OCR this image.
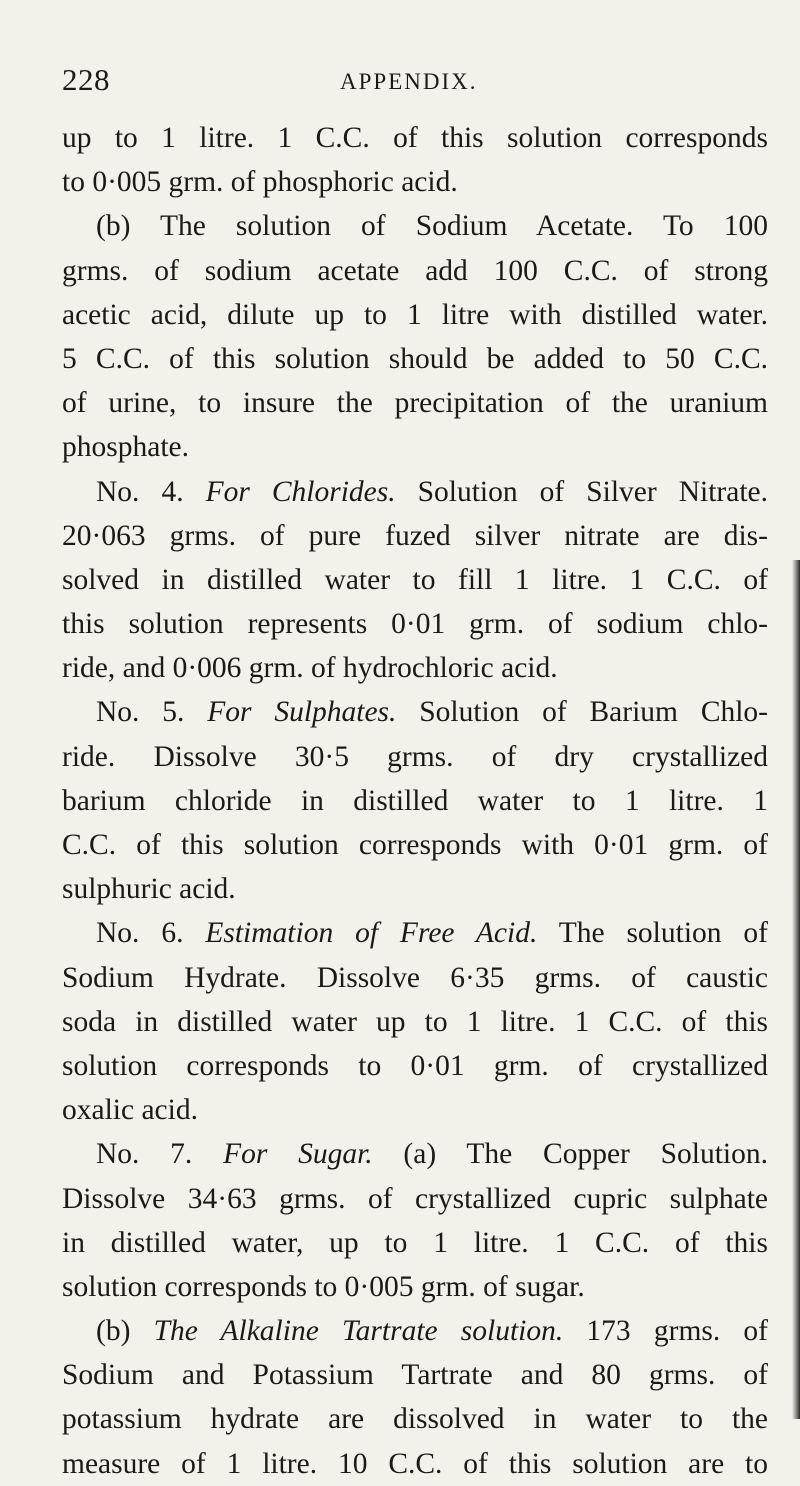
228	APPENDIX.
up to 1 litre. 1 C.C. of this solution corresponds
to 0·005 grm. of phosphoric acid.
(b) The solution of Sodium Acetate. To 100
grms. of sodium acetate add 100 C.C. of strong
acetic acid, dilute up to 1 litre with distilled water.
5 C.C. of this solution should be added to 50 C.C.
of urine, to insure the precipitation of the uranium
phosphate.
No. 4. For Chlorides. Solution of Silver Nitrate.
20·063 grms. of pure fuzed silver nitrate are dis-
solved in distilled water to fill 1 litre. 1 C.C. of
this solution represents 0·01 grm. of sodium chlo-
ride, and 0·006 grm. of hydrochloric acid.
No. 5. For Sulphates. Solution of Barium Chlo-
ride. Dissolve 30·5 grms. of dry crystallized
barium chloride in distilled water to 1 litre. 1
C.C. of this solution corresponds with 0·01 grm. of
sulphuric acid.
No. 6. Estimation of Free Acid. The solution of
Sodium Hydrate. Dissolve 6·35 grms. of caustic
soda in distilled water up to 1 litre. 1 C.C. of this
solution corresponds to 0·01 grm. of crystallized
oxalic acid.
No. 7. For Sugar. (a) The Copper Solution.
Dissolve 34·63 grms. of crystallized cupric sulphate
in distilled water, up to 1 litre. 1 C.C. of this
solution corresponds to 0·005 grm. of sugar.
(b) The Alkaline Tartrate solution. 173 grms. of
Sodium and Potassium Tartrate and 80 grms. of
potassium hydrate are dissolved in water to the
measure of 1 litre. 10 C.C. of this solution are to
